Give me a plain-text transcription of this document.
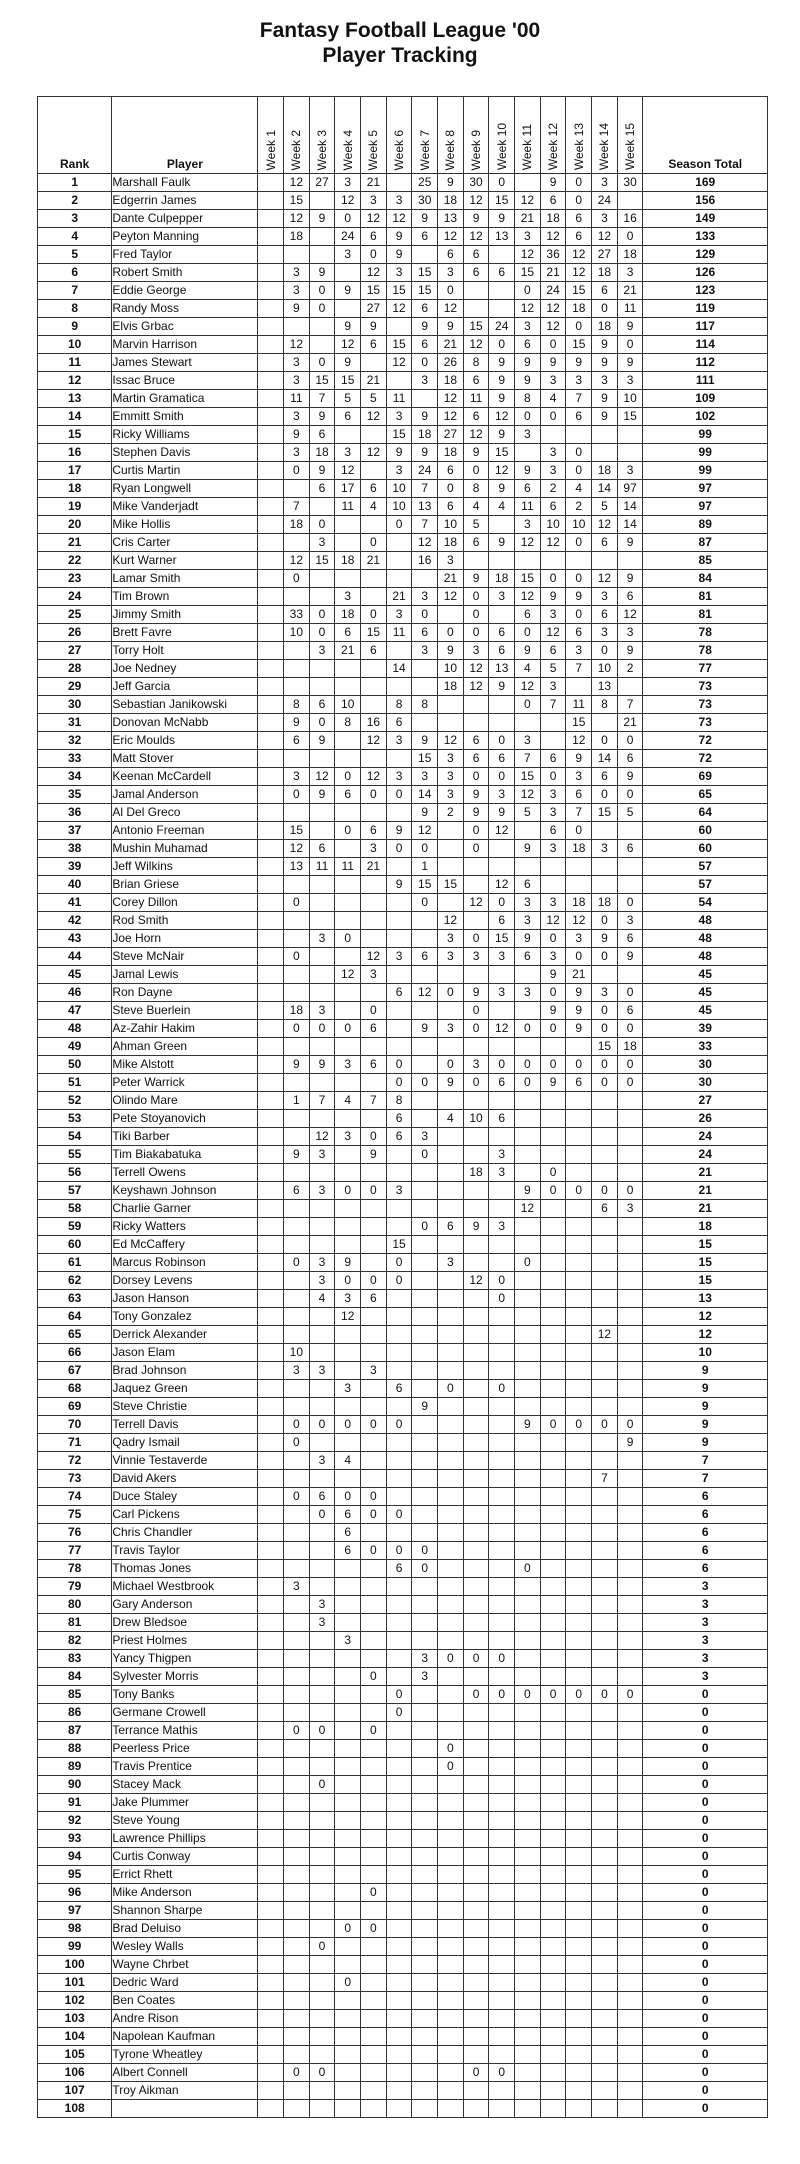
Fantasy Football League '00
Player Tracking
Rank	Player	Week 1	Week 2	Week 3	Week 4	Week 5	Week 6	Week 7	Week 8	Week 9	Week 10	Week 11	Week 12	Week 13	Week 14	Week 15	Season Total
1	Marshall Faulk		12	27	3	21		25	9	30	0		9	0	3	30	169
2	Edgerrin James		15		12	3	3	30	18	12	15	12	6	0	24		156
3	Dante Culpepper		12	9	0	12	12	9	13	9	9	21	18	6	3	16	149
4	Peyton Manning		18		24	6	9	6	12	12	13	3	12	6	12	0	133
5	Fred Taylor				3	0	9		6	6		12	36	12	27	18	129
6	Robert Smith		3	9		12	3	15	3	6	6	15	21	12	18	3	126
7	Eddie George		3	0	9	15	15	15	0			0	24	15	6	21	123
8	Randy Moss		9	0		27	12	6	12			12	12	18	0	11	119
9	Elvis Grbac				9	9		9	9	15	24	3	12	0	18	9	117
10	Marvin Harrison		12		12	6	15	6	21	12	0	6	0	15	9	0	114
11	James Stewart		3	0	9		12	0	26	8	9	9	9	9	9	9	112
12	Issac Bruce		3	15	15	21		3	18	6	9	9	3	3	3	3	111
13	Martin Gramatica		11	7	5	5	11		12	11	9	8	4	7	9	10	109
14	Emmitt Smith		3	9	6	12	3	9	12	6	12	0	0	6	9	15	102
15	Ricky Williams		9	6			15	18	27	12	9	3					99
16	Stephen Davis		3	18	3	12	9	9	18	9	15		3	0			99
17	Curtis Martin		0	9	12		3	24	6	0	12	9	3	0	18	3	99
18	Ryan Longwell			6	17	6	10	7	0	8	9	6	2	4	14	97	97
19	Mike Vanderjadt		7		11	4	10	13	6	4	4	11	6	2	5	14	97
20	Mike Hollis		18	0			0	7	10	5		3	10	10	12	14	89
21	Cris Carter			3		0		12	18	6	9	12	12	0	6	9	87
22	Kurt Warner		12	15	18	21		16	3								85
23	Lamar Smith		0						21	9	18	15	0	0	12	9	84
24	Tim Brown				3		21	3	12	0	3	12	9	9	3	6	81
25	Jimmy Smith		33	0	18	0	3	0		0		6	3	0	6	12	81
26	Brett Favre		10	0	6	15	11	6	0	0	6	0	12	6	3	3	78
27	Torry Holt			3	21	6		3	9	3	6	9	6	3	0	9	78
28	Joe Nedney						14		10	12	13	4	5	7	10	2	77
29	Jeff Garcia								18	12	9	12	3		13		73
30	Sebastian Janikowski		8	6	10		8	8				0	7	11	8	7	73
31	Donovan McNabb		9	0	8	16	6							15		21	73
32	Eric Moulds		6	9		12	3	9	12	6	0	3		12	0	0	72
33	Matt Stover							15	3	6	6	7	6	9	14	6	72
34	Keenan McCardell		3	12	0	12	3	3	3	0	0	15	0	3	6	9	69
35	Jamal Anderson		0	9	6	0	0	14	3	9	3	12	3	6	0	0	65
36	Al Del Greco							9	2	9	9	5	3	7	15	5	64
37	Antonio Freeman		15		0	6	9	12		0	12		6	0			60
38	Mushin Muhamad		12	6		3	0	0		0		9	3	18	3	6	60
39	Jeff Wilkins		13	11	11	21		1									57
40	Brian Griese						9	15	15		12	6					57
41	Corey Dillon		0					0		12	0	3	3	18	18	0	54
42	Rod Smith								12		6	3	12	12	0	3	48
43	Joe Horn			3	0				3	0	15	9	0	3	9	6	48
44	Steve McNair		0			12	3	6	3	3	3	6	3	0	0	9	48
45	Jamal Lewis				12	3							9	21			45
46	Ron Dayne						6	12	0	9	3	3	0	9	3	0	45
47	Steve Buerlein		18	3		0				0			9	9	0	6	45
48	Az-Zahir Hakim		0	0	0	6		9	3	0	12	0	0	9	0	0	39
49	Ahman Green														15	18	33
50	Mike Alstott		9	9	3	6	0		0	3	0	0	0	0	0	0	30
51	Peter Warrick						0	0	9	0	6	0	9	6	0	0	30
52	Olindo Mare		1	7	4	7	8										27
53	Pete Stoyanovich						6		4	10	6						26
54	Tiki Barber			12	3	0	6	3									24
55	Tim Biakabatuka		9	3		9		0			3						24
56	Terrell Owens									18	3		0				21
57	Keyshawn Johnson		6	3	0	0	3					9	0	0	0	0	21
58	Charlie Garner											12			6	3	21
59	Ricky Watters							0	6	9	3						18
60	Ed McCaffery						15										15
61	Marcus Robinson		0	3	9		0		3			0					15
62	Dorsey Levens			3	0	0	0			12	0						15
63	Jason Hanson			4	3	6					0						13
64	Tony Gonzalez				12												12
65	Derrick Alexander														12		12
66	Jason Elam		10														10
67	Brad Johnson		3	3		3											9
68	Jaquez Green				3		6		0		0						9
69	Steve Christie							9									9
70	Terrell Davis		0	0	0	0	0					9	0	0	0	0	9
71	Qadry Ismail		0													9	9
72	Vinnie Testaverde			3	4												7
73	David Akers														7		7
74	Duce Staley		0	6	0	0											6
75	Carl Pickens			0	6	0	0										6
76	Chris Chandler				6												6
77	Travis Taylor				6	0	0	0									6
78	Thomas Jones						6	0				0					6
79	Michael Westbrook		3														3
80	Gary Anderson			3													3
81	Drew Bledsoe			3													3
82	Priest Holmes				3												3
83	Yancy Thigpen							3	0	0	0						3
84	Sylvester Morris					0		3									3
85	Tony Banks						0			0	0	0	0	0	0	0	0
86	Germane Crowell						0										0
87	Terrance Mathis		0	0		0											0
88	Peerless Price								0								0
89	Travis Prentice								0								0
90	Stacey Mack			0													0
91	Jake Plummer																0
92	Steve Young																0
93	Lawrence Phillips																0
94	Curtis Conway																0
95	Errict Rhett																0
96	Mike Anderson					0											0
97	Shannon Sharpe																0
98	Brad Deluiso				0	0											0
99	Wesley Walls			0													0
100	Wayne Chrbet																0
101	Dedric Ward				0												0
102	Ben Coates																0
103	Andre Rison																0
104	Napolean Kaufman																0
105	Tyrone Wheatley																0
106	Albert Connell		0	0						0	0						0
107	Troy Aikman																0
108																	0
